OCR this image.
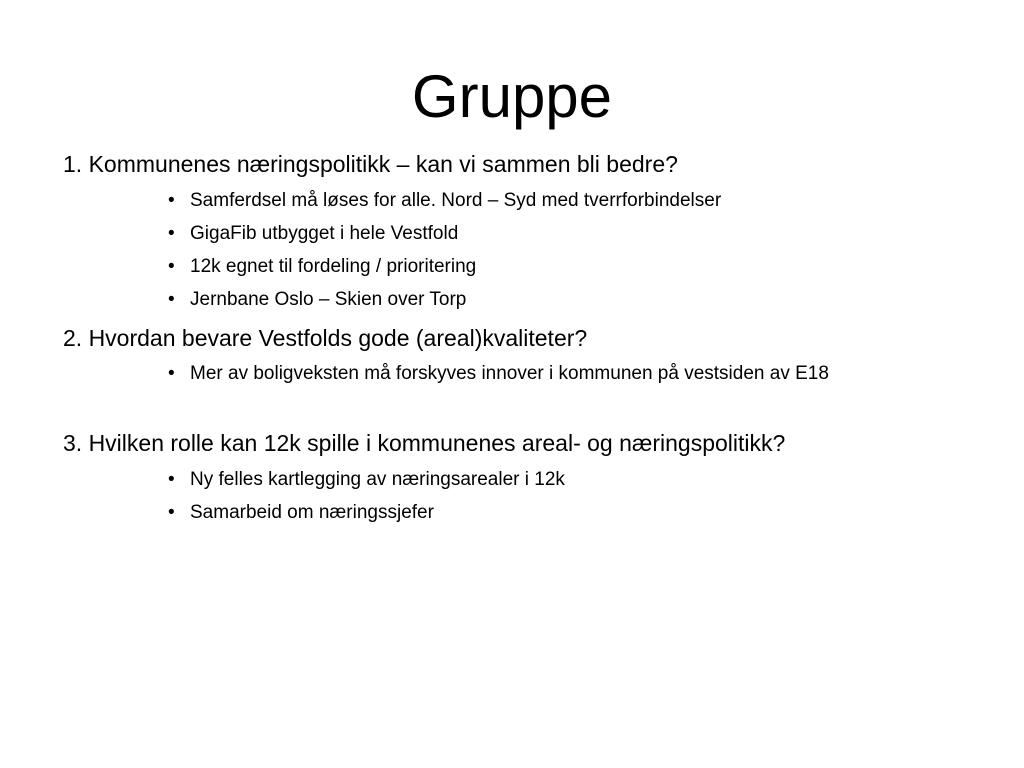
Gruppe
1. Kommunenes næringspolitikk – kan vi sammen bli bedre?
• Samferdsel må løses for alle. Nord – Syd med tverrforbindelser
• GigaFib utbygget i hele Vestfold
• 12k egnet til fordeling / prioritering
• Jernbane Oslo – Skien over Torp
2. Hvordan bevare Vestfolds gode (areal)kvaliteter?
• Mer av boligveksten må forskyves innover i kommunen på vestsiden av E18
3. Hvilken rolle kan 12k spille i kommunenes areal- og næringspolitikk?
• Ny felles kartlegging av næringsarealer i 12k
• Samarbeid om næringssjefer
